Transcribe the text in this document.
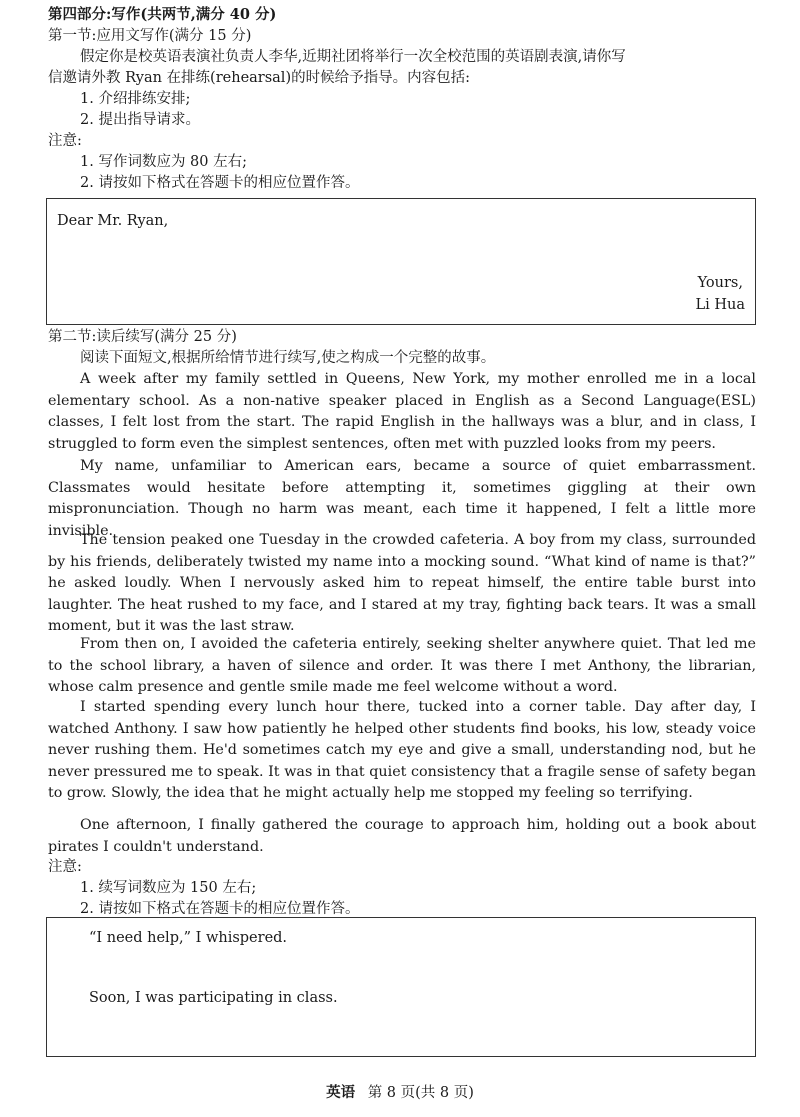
第四部分:写作(共两节,满分 40 分)
第一节:应用文写作(满分 15 分)
假定你是校英语表演社负责人李华,近期社团将举行一次全校范围的英语剧表演,请你写
信邀请外教 Ryan 在排练(rehearsal)的时候给予指导。内容包括:
1. 介绍排练安排;
2. 提出指导请求。
注意:
1. 写作词数应为 80 左右;
2. 请按如下格式在答题卡的相应位置作答。
Dear Mr. Ryan,
Yours,
Li Hua
第二节:读后续写(满分 25 分)
阅读下面短文,根据所给情节进行续写,使之构成一个完整的故事。

A week after my family settled in Queens, New York, my mother enrolled me in a local elementary school. As a non-native speaker placed in English as a Second Language(ESL) classes, I felt lost from the start. The rapid English in the hallways was a blur, and in class, I struggled to form even the simplest sentences, often met with puzzled looks from my peers.

My name, unfamiliar to American ears, became a source of quiet embarrassment. Classmates would hesitate before attempting it, sometimes giggling at their own mispronunciation. Though no harm was meant, each time it happened, I felt a little more invisible.

The tension peaked one Tuesday in the crowded cafeteria. A boy from my class, surrounded by his friends, deliberately twisted my name into a mocking sound. “What kind of name is that?” he asked loudly. When I nervously asked him to repeat himself, the entire table burst into laughter. The heat rushed to my face, and I stared at my tray, fighting back tears. It was a small moment, but it was the last straw.

From then on, I avoided the cafeteria entirely, seeking shelter anywhere quiet. That led me to the school library, a haven of silence and order. It was there I met Anthony, the librarian, whose calm presence and gentle smile made me feel welcome without a word.

I started spending every lunch hour there, tucked into a corner table. Day after day, I watched Anthony. I saw how patiently he helped other students find books, his low, steady voice never rushing them. He'd sometimes catch my eye and give a small, understanding nod, but he never pressured me to speak. It was in that quiet consistency that a fragile sense of safety began to grow. Slowly, the idea that he might actually help me stopped my feeling so terrifying.

One afternoon, I finally gathered the courage to approach him, holding out a book about pirates I couldn't understand.

注意:
1. 续写词数应为 150 左右;
2. 请按如下格式在答题卡的相应位置作答。
“I need help,” I whispered.
Soon, I was participating in class.
英语 第 8 页(共 8 页)
